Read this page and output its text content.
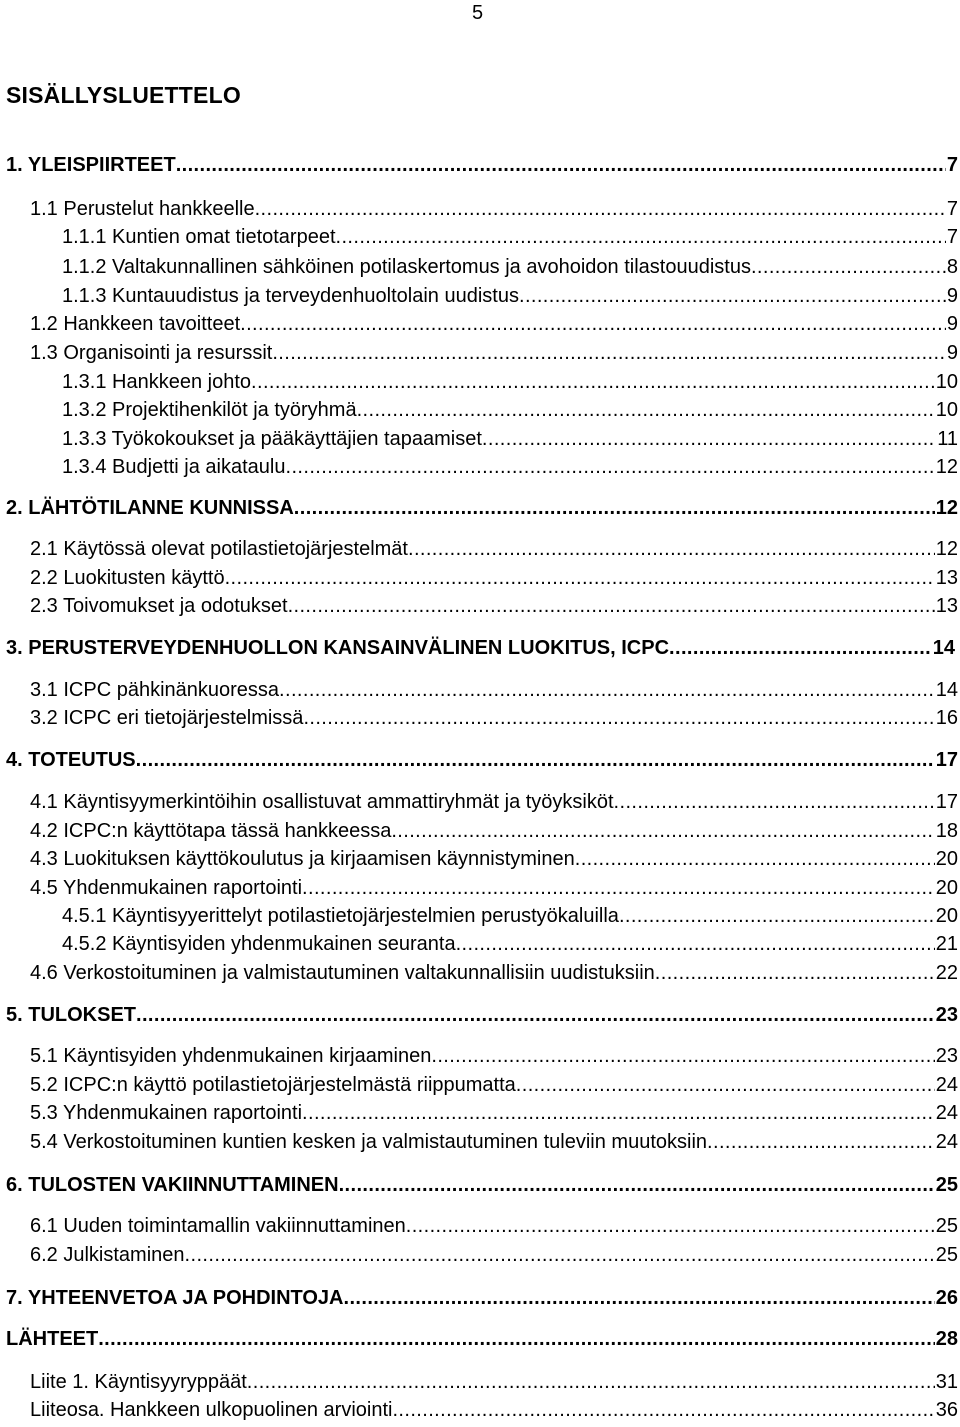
5
SISÄLLYSLUETTELO
1. YLEISPIIRTEET .....	7
1.1 Perustelut hankkeelle .....	7
1.1.1 Kuntien omat tietotarpeet .....	7
1.1.2 Valtakunnallinen sähköinen potilaskertomus ja avohoidon tilastouudistus .....	8
1.1.3 Kuntauudistus ja terveydenhuoltolain uudistus .....	9
1.2 Hankkeen tavoitteet .....	9
1.3 Organisointi ja resurssit .....	9
1.3.1 Hankkeen johto .....	10
1.3.2 Projektihenkilöt ja työryhmä .....	10
1.3.3 Työkokoukset ja pääkäyttäjien tapaamiset .....	11
1.3.4 Budjetti ja aikataulu .....	12
2. LÄHTÖTILANNE KUNNISSA .....	12
2.1 Käytössä olevat potilastietojärjestelmät .....	12
2.2 Luokitusten käyttö .....	13
2.3 Toivomukset ja odotukset .....	13
3. PERUSTERVEYDENHUOLLON KANSAINVÄLINEN LUOKITUS, ICPC .....	14
3.1 ICPC pähkinänkuoressa .....	14
3.2 ICPC eri tietojärjestelmissä .....	16
4. TOTEUTUS .....	17
4.1 Käyntisyymerkintöihin osallistuvat ammattiryhmät ja työyksiköt .....	17
4.2 ICPC:n käyttötapa tässä hankkeessa .....	18
4.3 Luokituksen käyttökoulutus ja kirjaamisen käynnistyminen .....	20
4.5 Yhdenmukainen raportointi .....	20
4.5.1 Käyntisyyerittelyt potilastietojärjestelmien perustyökaluilla .....	20
4.5.2 Käyntisyiden yhdenmukainen seuranta .....	21
4.6 Verkostoituminen ja valmistautuminen valtakunnallisiin uudistuksiin .....	22
5. TULOKSET .....	23
5.1 Käyntisyiden yhdenmukainen kirjaaminen .....	23
5.2 ICPC:n käyttö potilastietojärjestelmästä riippumatta .....	24
5.3 Yhdenmukainen raportointi .....	24
5.4 Verkostoituminen kuntien kesken ja valmistautuminen tuleviin muutoksiin .....	24
6. TULOSTEN VAKIINNUTTAMINEN .....	25
6.1 Uuden toimintamallin vakiinnuttaminen .....	25
6.2 Julkistaminen .....	25
7. YHTEENVETOA JA POHDINTOJA .....	26
LÄHTEET .....	28
Liite 1. Käyntisyyryppäät .....	31
Liiteosa. Hankkeen ulkopuolinen arviointi .....	36
